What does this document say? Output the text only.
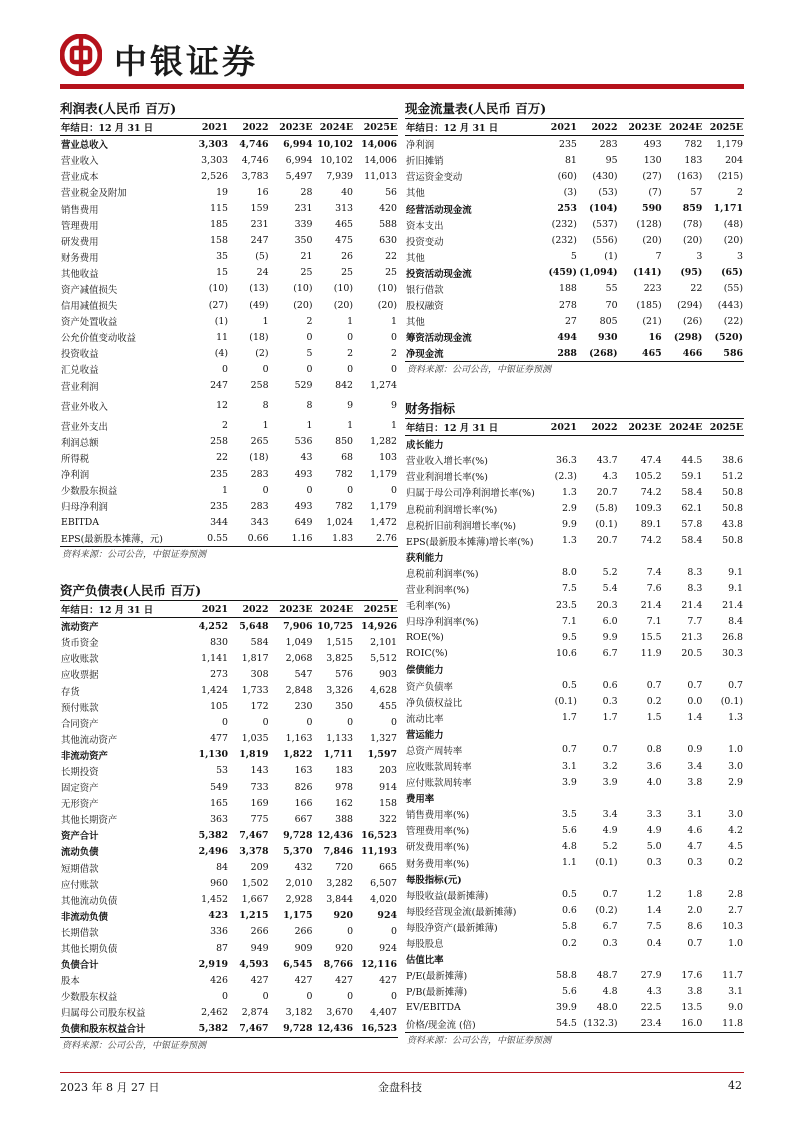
中银证券
利润表(人民币 百万)
年结日：12 月 31 日	2021	2022	2023E	2024E	2025E
营业总收入	3,303	4,746	6,994	10,102	14,006
营业收入	3,303	4,746	6,994	10,102	14,006
营业成本	2,526	3,783	5,497	7,939	11,013
营业税金及附加	19	16	28	40	56
销售费用	115	159	231	313	420
管理费用	185	231	339	465	588
研发费用	158	247	350	475	630
财务费用	35	(5)	21	26	22
其他收益	15	24	25	25	25
资产减值损失	(10)	(13)	(10)	(10)	(10)
信用减值损失	(27)	(49)	(20)	(20)	(20)
资产处置收益	(1)	1	2	1	1
公允价值变动收益	11	(18)	0	0	0
投资收益	(4)	(2)	5	2	2
汇兑收益	0	0	0	0	0
营业利润	247	258	529	842	1,274

营业外收入	12	8	8	9	9

营业外支出	2	1	1	1	1
利润总额	258	265	536	850	1,282
所得税	22	(18)	43	68	103
净利润	235	283	493	782	1,179
少数股东损益	1	0	0	0	0
归母净利润	235	283	493	782	1,179
EBITDA	344	343	649	1,024	1,472
EPS(最新股本摊薄，元)	0.55	0.66	1.16	1.83	2.76
资料来源：公司公告，中银证券预测
资产负债表(人民币 百万)
年结日：12 月 31 日	2021	2022	2023E	2024E	2025E
流动资产	4,252	5,648	7,906	10,725	14,926
货币资金	830	584	1,049	1,515	2,101
应收账款	1,141	1,817	2,068	3,825	5,512
应收票据	273	308	547	576	903
存货	1,424	1,733	2,848	3,326	4,628
预付账款	105	172	230	350	455
合同资产	0	0	0	0	0
其他流动资产	477	1,035	1,163	1,133	1,327
非流动资产	1,130	1,819	1,822	1,711	1,597
长期投资	53	143	163	183	203
固定资产	549	733	826	978	914
无形资产	165	169	166	162	158
其他长期资产	363	775	667	388	322
资产合计	5,382	7,467	9,728	12,436	16,523
流动负债	2,496	3,378	5,370	7,846	11,193
短期借款	84	209	432	720	665
应付账款	960	1,502	2,010	3,282	6,507
其他流动负债	1,452	1,667	2,928	3,844	4,020
非流动负债	423	1,215	1,175	920	924
长期借款	336	266	266	0	0
其他长期负债	87	949	909	920	924
负债合计	2,919	4,593	6,545	8,766	12,116
股本	426	427	427	427	427
少数股东权益	0	0	0	0	0
归属母公司股东权益	2,462	2,874	3,182	3,670	4,407
负债和股东权益合计	5,382	7,467	9,728	12,436	16,523
资料来源：公司公告，中银证券预测
现金流量表(人民币 百万)
年结日：12 月 31 日	2021	2022	2023E	2024E	2025E
净利润	235	283	493	782	1,179
折旧摊销	81	95	130	183	204
营运资金变动	(60)	(430)	(27)	(163)	(215)
其他	(3)	(53)	(7)	57	2
经营活动现金流	253	(104)	590	859	1,171
资本支出	(232)	(537)	(128)	(78)	(48)
投资变动	(232)	(556)	(20)	(20)	(20)
其他	5	(1)	7	3	3
投资活动现金流	(459)	(1,094)	(141)	(95)	(65)
银行借款	188	55	223	22	(55)
股权融资	278	70	(185)	(294)	(443)
其他	27	805	(21)	(26)	(22)
筹资活动现金流	494	930	16	(298)	(520)
净现金流	288	(268)	465	466	586
资料来源：公司公告，中银证券预测
财务指标
年结日：12 月 31 日	2021	2022	2023E	2024E	2025E
成长能力					
营业收入增长率(%)	36.3	43.7	47.4	44.5	38.6
营业利润增长率(%)	(2.3)	4.3	105.2	59.1	51.2
归属于母公司净利润增长率(%)	1.3	20.7	74.2	58.4	50.8
息税前利润增长率(%)	2.9	(5.8)	109.3	62.1	50.8
息税折旧前利润增长率(%)	9.9	(0.1)	89.1	57.8	43.8
EPS(最新股本摊薄)增长率(%)	1.3	20.7	74.2	58.4	50.8
获利能力					
息税前利润率(%)	8.0	5.2	7.4	8.3	9.1
营业利润率(%)	7.5	5.4	7.6	8.3	9.1
毛利率(%)	23.5	20.3	21.4	21.4	21.4
归母净利润率(%)	7.1	6.0	7.1	7.7	8.4
ROE(%)	9.5	9.9	15.5	21.3	26.8
ROIC(%)	10.6	6.7	11.9	20.5	30.3
偿债能力					
资产负债率	0.5	0.6	0.7	0.7	0.7
净负债权益比	(0.1)	0.3	0.2	0.0	(0.1)
流动比率	1.7	1.7	1.5	1.4	1.3
营运能力					
总资产周转率	0.7	0.7	0.8	0.9	1.0
应收账款周转率	3.1	3.2	3.6	3.4	3.0
应付账款周转率	3.9	3.9	4.0	3.8	2.9
费用率					
销售费用率(%)	3.5	3.4	3.3	3.1	3.0
管理费用率(%)	5.6	4.9	4.9	4.6	4.2
研发费用率(%)	4.8	5.2	5.0	4.7	4.5
财务费用率(%)	1.1	(0.1)	0.3	0.3	0.2
每股指标(元)					
每股收益(最新摊薄)	0.5	0.7	1.2	1.8	2.8
每股经营现金流(最新摊薄)	0.6	(0.2)	1.4	2.0	2.7
每股净资产(最新摊薄)	5.8	6.7	7.5	8.6	10.3
每股股息	0.2	0.3	0.4	0.7	1.0
估值比率					
P/E(最新摊薄)	58.8	48.7	27.9	17.6	11.7
P/B(最新摊薄)	5.6	4.8	4.3	3.8	3.1
EV/EBITDA	39.9	48.0	22.5	13.5	9.0
价格/现金流 (倍)	54.5	(132.3)	23.4	16.0	11.8
资料来源：公司公告，中银证券预测
2023 年 8 月 27 日	金盘科技	42
